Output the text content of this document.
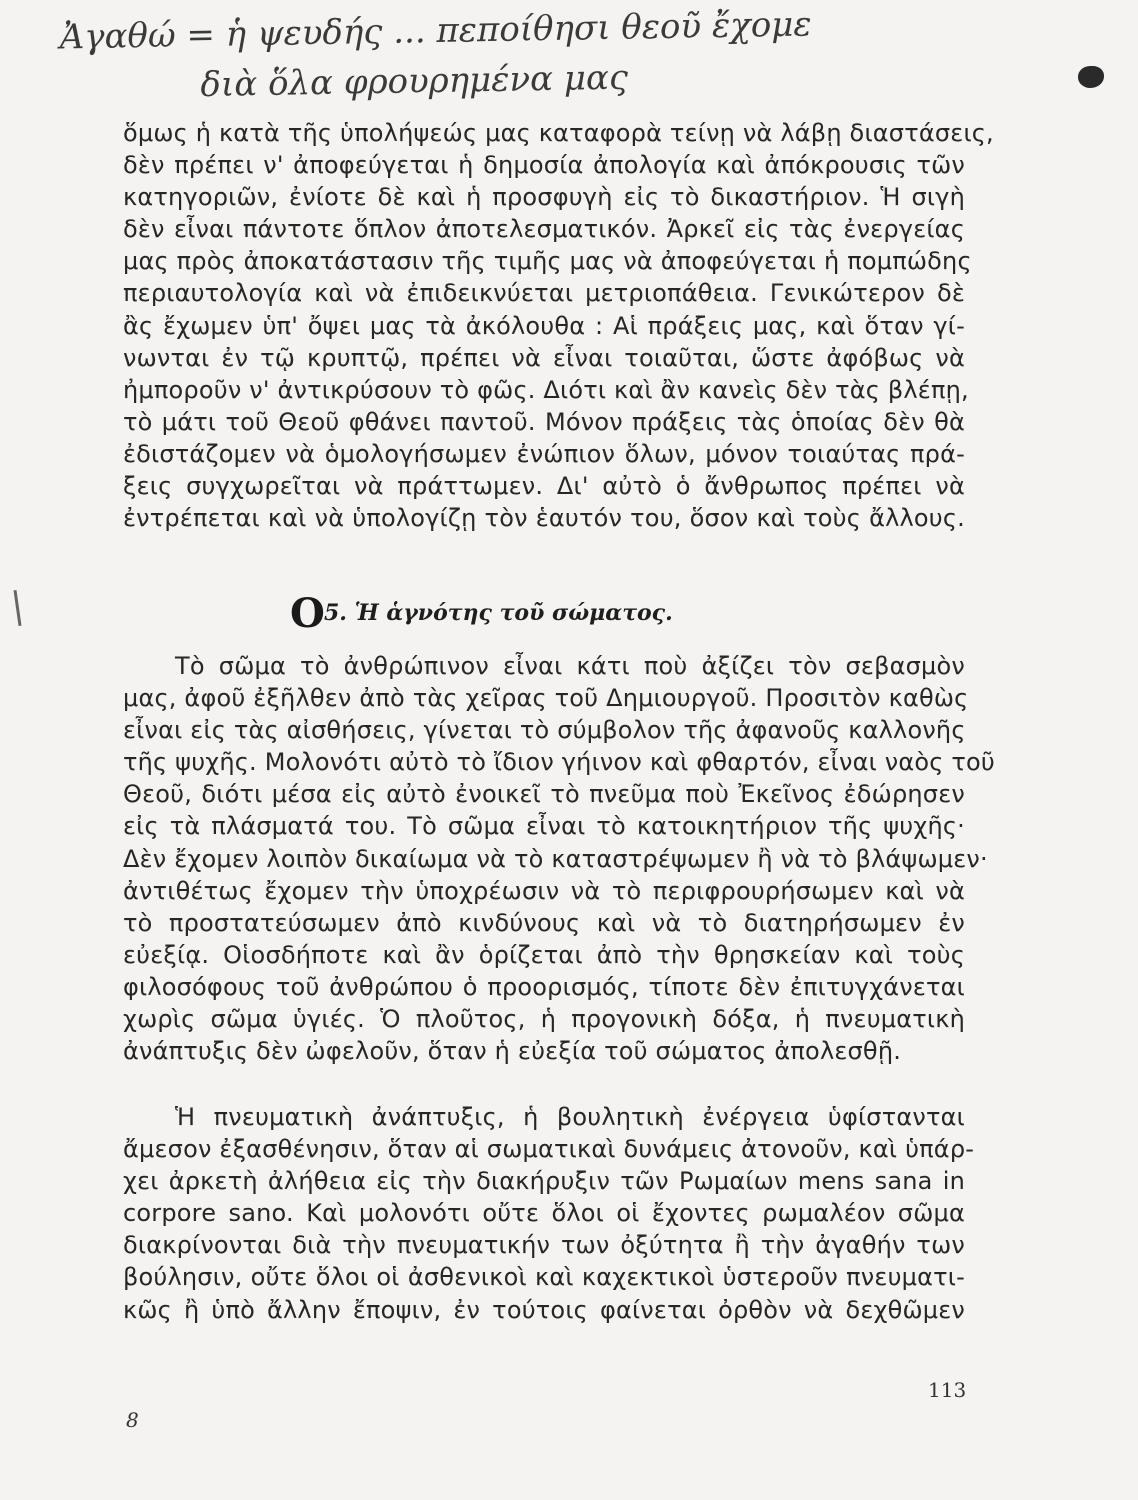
Ἀγαθώ = ἡ ψευδής ... πεποίθησι θεοῦ ἔχομε
διὰ ὅλα φρουρημένα μας
ὅμως ἡ κατὰ τῆς ὑπολήψεώς μας καταφορὰ τείνῃ νὰ λάβῃ διαστάσεις,
δὲν πρέπει ν' ἀποφεύγεται ἡ δημοσία ἀπολογία καὶ ἀπόκρουσις τῶν
κατηγοριῶν, ἐνίοτε δὲ καὶ ἡ προσφυγὴ εἰς τὸ δικαστήριον. Ἡ σιγὴ
δὲν εἶναι πάντοτε ὅπλον ἀποτελεσματικόν. Ἀρκεῖ εἰς τὰς ἐνεργείας
μας πρὸς ἀποκατάστασιν τῆς τιμῆς μας νὰ ἀποφεύγεται ἡ πομπώδης
περιαυτολογία καὶ νὰ ἐπιδεικνύεται μετριοπάθεια. Γενικώτερον δὲ
ἂς ἔχωμεν ὑπ' ὄψει μας τὰ ἀκόλουθα : Αἱ πράξεις μας, καὶ ὅταν γί-
νωνται ἐν τῷ κρυπτῷ, πρέπει νὰ εἶναι τοιαῦται, ὥστε ἀφόβως νὰ
ἠμποροῦν ν' ἀντικρύσουν τὸ φῶς. Διότι καὶ ἂν κανεὶς δὲν τὰς βλέπῃ,
τὸ μάτι τοῦ Θεοῦ φθάνει παντοῦ. Μόνον πράξεις τὰς ὁποίας δὲν θὰ
ἐδιστάζομεν νὰ ὁμολογήσωμεν ἐνώπιον ὅλων, μόνον τοιαύτας πρά-
ξεις συγχωρεῖται νὰ πράττωμεν. Δι' αὐτὸ ὁ ἄνθρωπος πρέπει νὰ
ἐντρέπεται καὶ νὰ ὑπολογίζῃ τὸν ἑαυτόν του, ὅσον καὶ τοὺς ἄλλους.
O 5. Ἡ ἁγνότης τοῦ σώματος.
Τὸ σῶμα τὸ ἀνθρώπινον εἶναι κάτι ποὺ ἀξίζει τὸν σεβασμὸν
μας, ἀφοῦ ἐξῆλθεν ἀπὸ τὰς χεῖρας τοῦ Δημιουργοῦ. Προσιτὸν καθὼς
εἶναι εἰς τὰς αἰσθήσεις, γίνεται τὸ σύμβολον τῆς ἀφανοῦς καλλονῆς
τῆς ψυχῆς. Μολονότι αὐτὸ τὸ ἴδιον γήινον καὶ φθαρτόν, εἶναι ναὸς τοῦ
Θεοῦ, διότι μέσα εἰς αὐτὸ ἐνοικεῖ τὸ πνεῦμα ποὺ Ἐκεῖνος ἐδώρησεν
εἰς τὰ πλάσματά του. Τὸ σῶμα εἶναι τὸ κατοικητήριον τῆς ψυχῆς·
Δὲν ἔχομεν λοιπὸν δικαίωμα νὰ τὸ καταστρέψωμεν ἢ νὰ τὸ βλάψωμεν·
ἀντιθέτως ἔχομεν τὴν ὑποχρέωσιν νὰ τὸ περιφρουρήσωμεν καὶ νὰ
τὸ προστατεύσωμεν ἀπὸ κινδύνους καὶ νὰ τὸ διατηρήσωμεν ἐν
εὐεξίᾳ. Οἱοσδήποτε καὶ ἂν ὁρίζεται ἀπὸ τὴν θρησκείαν καὶ τοὺς
φιλοσόφους τοῦ ἀνθρώπου ὁ προορισμός, τίποτε δὲν ἐπιτυγχάνεται
χωρὶς σῶμα ὑγιές. Ὁ πλοῦτος, ἡ προγονικὴ δόξα, ἡ πνευματικὴ
ἀνάπτυξις δὲν ὠφελοῦν, ὅταν ἡ εὐεξία τοῦ σώματος ἀπολεσθῇ.
Ἡ πνευματικὴ ἀνάπτυξις, ἡ βουλητικὴ ἐνέργεια ὑφίστανται
ἄμεσον ἐξασθένησιν, ὅταν αἱ σωματικαὶ δυνάμεις ἀτονοῦν, καὶ ὑπάρ-
χει ἀρκετὴ ἀλήθεια εἰς τὴν διακήρυξιν τῶν Ρωμαίων mens sana in
corpore sano. Καὶ μολονότι οὔτε ὅλοι οἱ ἔχοντες ρωμαλέον σῶμα
διακρίνονται διὰ τὴν πνευματικήν των ὀξύτητα ἢ τὴν ἀγαθήν των
βούλησιν, οὔτε ὅλοι οἱ ἀσθενικοὶ καὶ καχεκτικοὶ ὑστεροῦν πνευματι-
κῶς ἢ ὑπὸ ἄλλην ἔποψιν, ἐν τούτοις φαίνεται ὀρθὸν νὰ δεχθῶμεν
113
8
